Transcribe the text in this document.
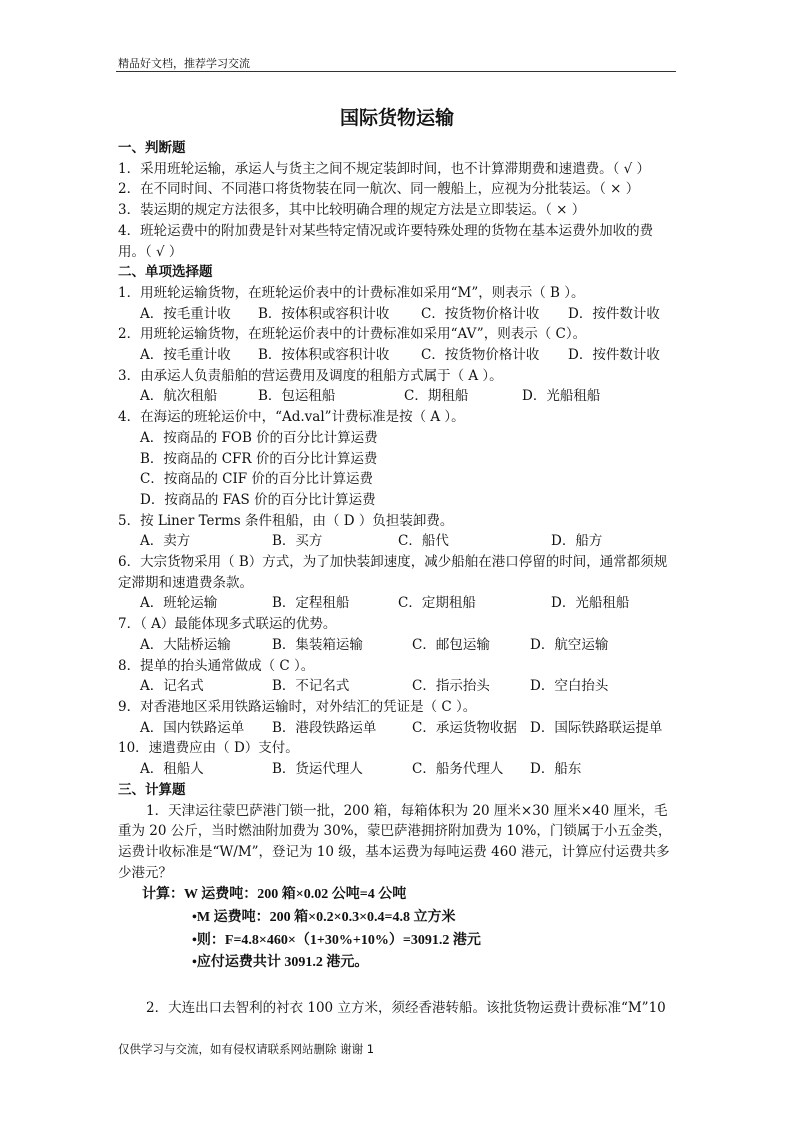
精品好文档，推荐学习交流
国际货物运输
一、判断题

1．采用班轮运输，承运人与货主之间不规定装卸时间，也不计算滞期费和速遣费。（ √ ）

2．在不同时间、不同港口将货物装在同一航次、同一艘船上，应视为分批装运。（ × ）

3．装运期的规定方法很多，其中比较明确合理的规定方法是立即装运。（ × ）

4．班轮运费中的附加费是针对某些特定情况或许要特殊处理的货物在基本运费外加收的费用。（ √ ）

二、单项选择题

1．用班轮运输货物，在班轮运价表中的计费标准如采用“M”，则表示（ B ）。

A．按毛重计收	B．按体积或容积计收	C．按货物价格计收	D．按件数计收

2．用班轮运输货物，在班轮运价表中的计费标准如采用“AV”，则表示（ C）。

A．按毛重计收	B．按体积或容积计收	C．按货物价格计收	D．按件数计收

3．由承运人负责船舶的营运费用及调度的租船方式属于（ A ）。

A．航次租船	B．包运租船	C．期租船	D．光船租船

4．在海运的班轮运价中，“Ad.val”计费标准是按（ A ）。

A．按商品的 FOB 价的百分比计算运费
B．按商品的 CFR 价的百分比计算运费
C．按商品的 CIF 价的百分比计算运费
D．按商品的 FAS 价的百分比计算运费

5．按 Liner Terms 条件租船，由（ D ）负担装卸费。

A．卖方	B．买方	C．船代	D．船方

6．大宗货物采用（ B）方式，为了加快装卸速度，减少船舶在港口停留的时间，通常都须规定滞期和速遣费条款。

A．班轮运输	B．定程租船	C．定期租船	D．光船租船

7．（ A）最能体现多式联运的优势。

A．大陆桥运输	B．集装箱运输	C．邮包运输	D．航空运输

8．提单的抬头通常做成（ C ）。

A．记名式	B．不记名式	C．指示抬头	D．空白抬头

9．对香港地区采用铁路运输时，对外结汇的凭证是（ C ）。

A．国内铁路运单	B．港段铁路运单	C．承运货物收据 D．国际铁路联运提单

10．速遣费应由（ D）支付。

A．租船人	B．货运代理人	C．船务代理人	D．船东
三、计算题

1．天津运往蒙巴萨港门锁一批，200 箱，每箱体积为 20 厘米×30 厘米×40 厘米，毛重为 20 公斤，当时燃油附加费为 30%，蒙巴萨港拥挤附加费为 10%，门锁属于小五金类，运费计收标准是“W/M”，登记为 10 级，基本运费为每吨运费 460 港元，计算应付运费共多少港元？

计算：W 运费吨：200 箱×0.02 公吨=4 公吨
•M 运费吨：200 箱×0.2×0.3×0.4=4.8 立方米
•则：F=4.8×460×（1+30%+10%）=3091.2 港元
•应付运费共计 3091.2 港元。

2．大连出口去智利的衬衣 100 立方米，须经香港转船。该批货物运费计费标准“M”10

仅供学习与交流，如有侵权请联系网站删除 谢谢 1
